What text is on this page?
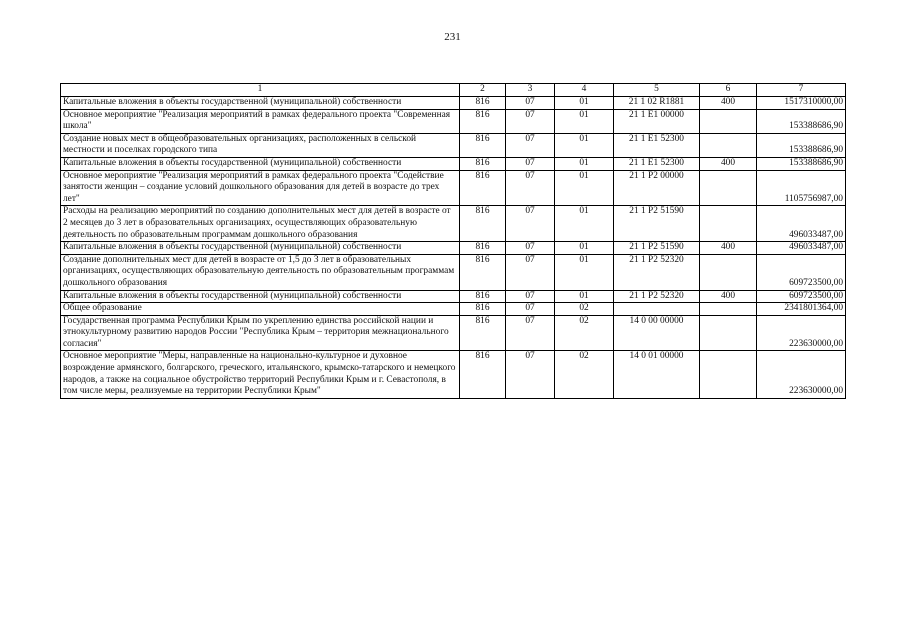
231
1	2	3	4	5	6	7
Капитальные вложения в объекты государственной (муниципальной) собственности	816	07	01	21 1 02 R1881	400	1517310000,00
Основное мероприятие "Реализация мероприятий в рамках федерального проекта "Современная школа"	816	07	01	21 1 E1 00000		153388686,90
Создание новых мест в общеобразовательных организациях, расположенных в сельской местности и поселках городского типа	816	07	01	21 1 E1 52300		153388686,90
Капитальные вложения в объекты государственной (муниципальной) собственности	816	07	01	21 1 E1 52300	400	153388686,90
Основное мероприятие "Реализация мероприятий в рамках федерального проекта "Содействие занятости женщин – создание условий дошкольного образования для детей в возрасте до трех лет"	816	07	01	21 1 P2 00000		1105756987,00
Расходы на реализацию мероприятий по созданию дополнительных мест для детей в возрасте от 2 месяцев до 3 лет в образовательных организациях, осуществляющих образовательную деятельность по образовательным программам дошкольного образования	816	07	01	21 1 P2 51590		496033487,00
Капитальные вложения в объекты государственной (муниципальной) собственности	816	07	01	21 1 P2 51590	400	496033487,00
Создание дополнительных мест для детей в возрасте от 1,5 до 3 лет в образовательных организациях, осуществляющих образовательную деятельность по образовательным программам дошкольного образования	816	07	01	21 1 P2 52320		609723500,00
Капитальные вложения в объекты государственной (муниципальной) собственности	816	07	01	21 1 P2 52320	400	609723500,00
Общее образование	816	07	02			2341801364,00
Государственная программа Республики Крым по укреплению единства российской нации и этнокультурному развитию народов России "Республика Крым – территория межнационального согласия"	816	07	02	14 0 00 00000		223630000,00
Основное мероприятие "Меры, направленные на национально-культурное и духовное возрождение армянского, болгарского, греческого, итальянского, крымско-татарского и немецкого народов, а также на социальное обустройство территорий Республики Крым и г. Севастополя, в том числе меры, реализуемые на территории Республики Крым"	816	07	02	14 0 01 00000		223630000,00
